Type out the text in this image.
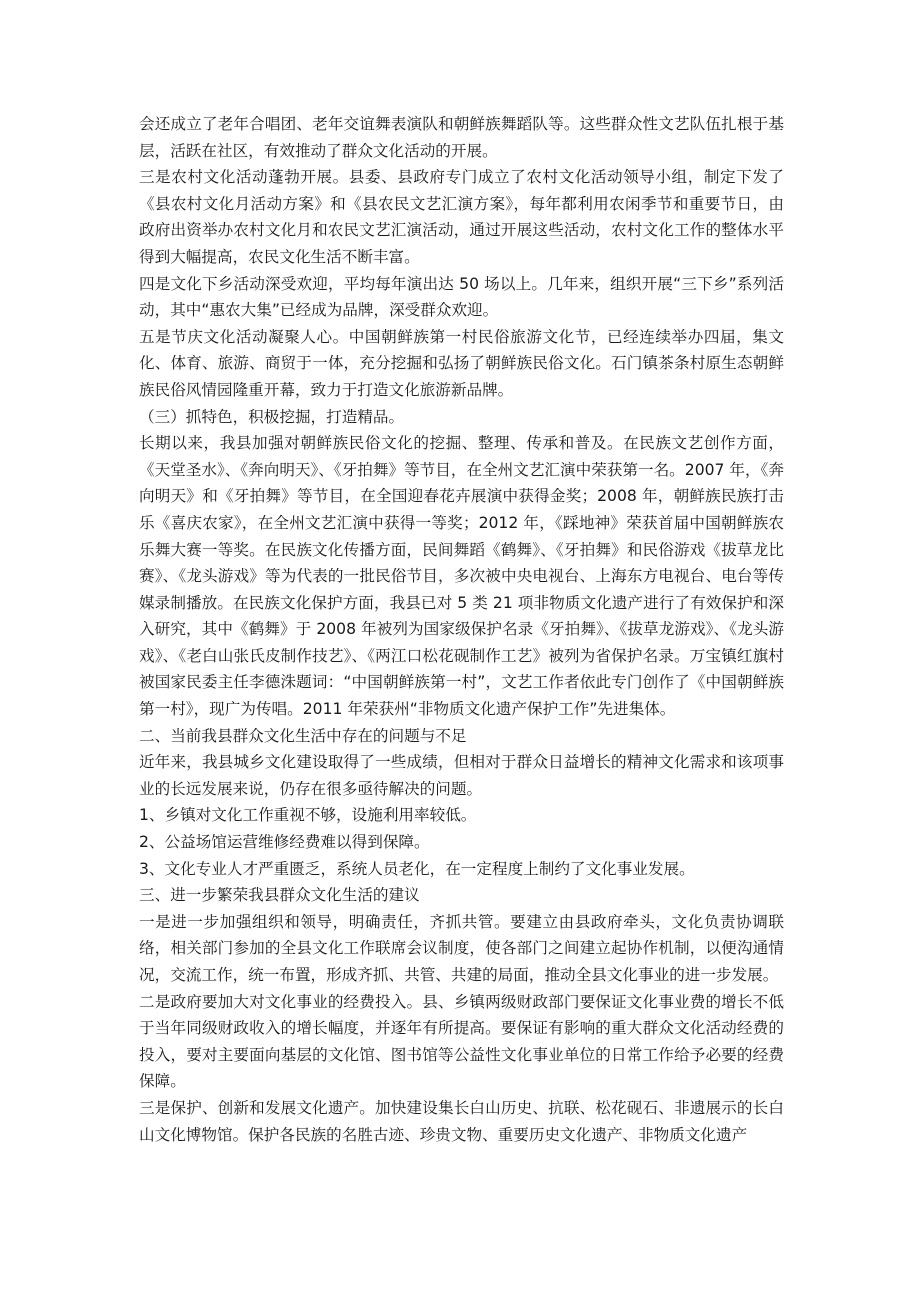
会还成立了老年合唱团、老年交谊舞表演队和朝鲜族舞蹈队等。这些群众性文艺队伍扎根于基层，活跃在社区，有效推动了群众文化活动的开展。

三是农村文化活动蓬勃开展。县委、县政府专门成立了农村文化活动领导小组，制定下发了《县农村文化月活动方案》和《县农民文艺汇演方案》，每年都利用农闲季节和重要节日，由政府出资举办农村文化月和农民文艺汇演活动，通过开展这些活动，农村文化工作的整体水平得到大幅提高，农民文化生活不断丰富。

四是文化下乡活动深受欢迎，平均每年演出达 50 场以上。几年来，组织开展“三下乡”系列活动，其中“惠农大集”已经成为品牌，深受群众欢迎。

五是节庆文化活动凝聚人心。中国朝鲜族第一村民俗旅游文化节，已经连续举办四届，集文化、体育、旅游、商贸于一体，充分挖掘和弘扬了朝鲜族民俗文化。石门镇茶条村原生态朝鲜族民俗风情园隆重开幕，致力于打造文化旅游新品牌。

（三）抓特色，积极挖掘，打造精品。

长期以来，我县加强对朝鲜族民俗文化的挖掘、整理、传承和普及。在民族文艺创作方面，《天堂圣水》、《奔向明天》、《牙拍舞》等节目，在全州文艺汇演中荣获第一名。2007 年，《奔向明天》和《牙拍舞》等节目，在全国迎春花卉展演中获得金奖；2008 年，朝鲜族民族打击乐《喜庆农家》，在全州文艺汇演中获得一等奖；2012 年，《踩地神》荣获首届中国朝鲜族农乐舞大赛一等奖。在民族文化传播方面，民间舞蹈《鹤舞》、《牙拍舞》和民俗游戏《拔草龙比赛》、《龙头游戏》等为代表的一批民俗节目，多次被中央电视台、上海东方电视台、电台等传媒录制播放。在民族文化保护方面，我县已对 5 类 21 项非物质文化遗产进行了有效保护和深入研究，其中《鹤舞》于 2008 年被列为国家级保护名录《牙拍舞》、《拔草龙游戏》、《龙头游戏》、《老白山张氏皮制作技艺》、《两江口松花砚制作工艺》被列为省保护名录。万宝镇红旗村被国家民委主任李德洙题词：“中国朝鲜族第一村”，文艺工作者依此专门创作了《中国朝鲜族第一村》，现广为传唱。2011 年荣获州“非物质文化遗产保护工作”先进集体。

二、当前我县群众文化生活中存在的问题与不足

近年来，我县城乡文化建设取得了一些成绩，但相对于群众日益增长的精神文化需求和该项事业的长远发展来说，仍存在很多亟待解决的问题。

1、乡镇对文化工作重视不够，设施利用率较低。

2、公益场馆运营维修经费难以得到保障。

3、文化专业人才严重匮乏，系统人员老化，在一定程度上制约了文化事业发展。

三、进一步繁荣我县群众文化生活的建议

一是进一步加强组织和领导，明确责任，齐抓共管。要建立由县政府牵头，文化负责协调联络，相关部门参加的全县文化工作联席会议制度，使各部门之间建立起协作机制，以便沟通情况，交流工作，统一布置，形成齐抓、共管、共建的局面，推动全县文化事业的进一步发展。

二是政府要加大对文化事业的经费投入。县、乡镇两级财政部门要保证文化事业费的增长不低于当年同级财政收入的增长幅度，并逐年有所提高。要保证有影响的重大群众文化活动经费的投入，要对主要面向基层的文化馆、图书馆等公益性文化事业单位的日常工作给予必要的经费保障。

三是保护、创新和发展文化遗产。加快建设集长白山历史、抗联、松花砚石、非遗展示的长白山文化博物馆。保护各民族的名胜古迹、珍贵文物、重要历史文化遗产、非物质文化遗产
